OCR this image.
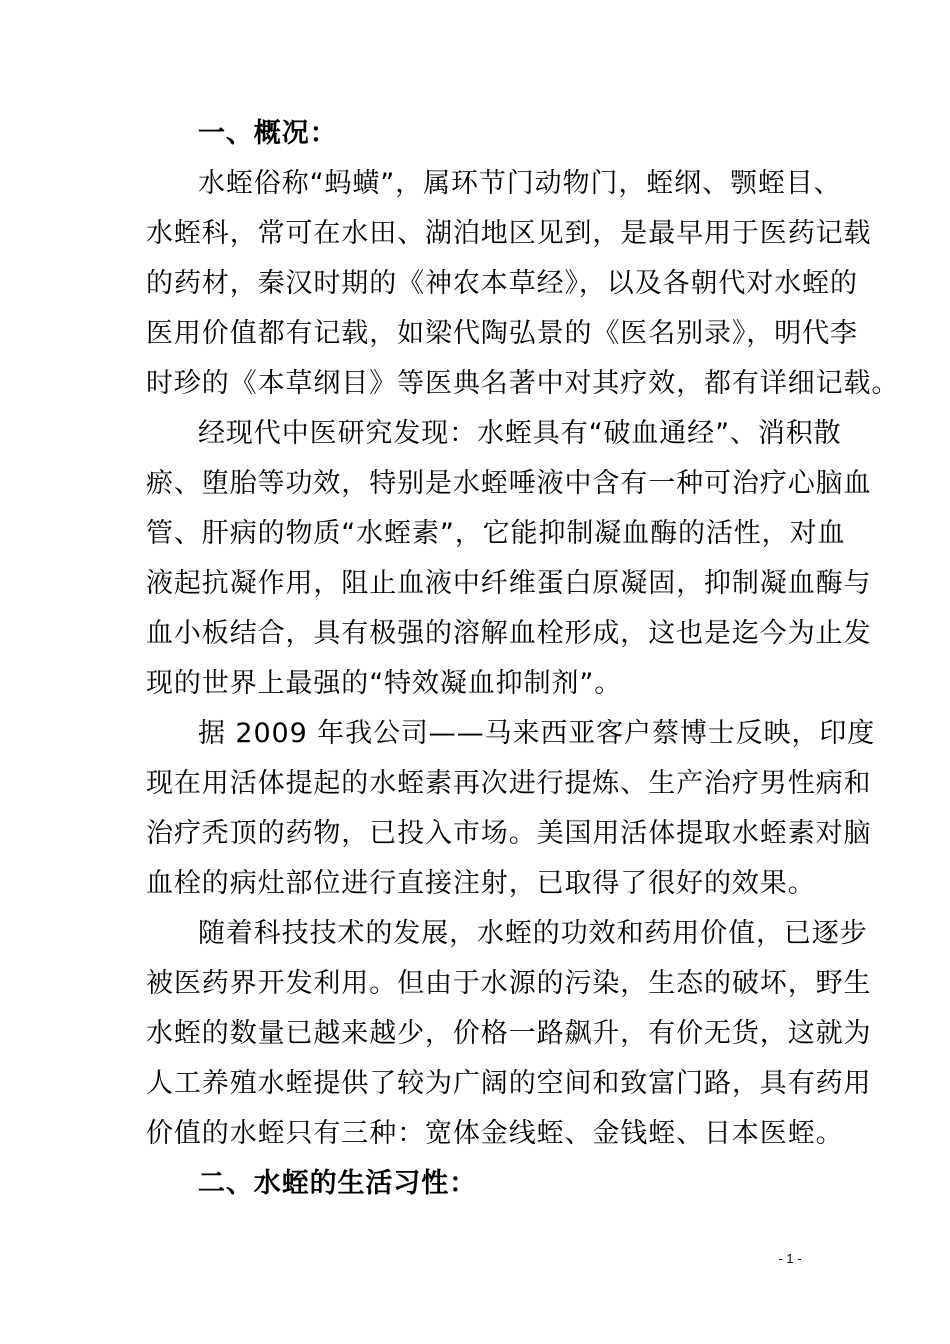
一、概况：
水蛭俗称“蚂蟥”，属环节门动物门，蛭纲、颚蛭目、
水蛭科，常可在水田、湖泊地区见到，是最早用于医药记载
的药材，秦汉时期的《神农本草经》，以及各朝代对水蛭的
医用价值都有记载，如梁代陶弘景的《医名别录》，明代李
时珍的《本草纲目》等医典名著中对其疗效，都有详细记载。
经现代中医研究发现：水蛭具有“破血通经”、消积散
瘀、堕胎等功效，特别是水蛭唾液中含有一种可治疗心脑血
管、肝病的物质“水蛭素”，它能抑制凝血酶的活性，对血
液起抗凝作用，阻止血液中纤维蛋白原凝固，抑制凝血酶与
血小板结合，具有极强的溶解血栓形成，这也是迄今为止发
现的世界上最强的“特效凝血抑制剂”。
据 2009 年我公司——马来西亚客户蔡博士反映，印度
现在用活体提起的水蛭素再次进行提炼、生产治疗男性病和
治疗秃顶的药物，已投入市场。美国用活体提取水蛭素对脑
血栓的病灶部位进行直接注射，已取得了很好的效果。
随着科技技术的发展，水蛭的功效和药用价值，已逐步
被医药界开发利用。但由于水源的污染，生态的破坏，野生
水蛭的数量已越来越少，价格一路飙升，有价无货，这就为
人工养殖水蛭提供了较为广阔的空间和致富门路，具有药用
价值的水蛭只有三种：宽体金线蛭、金钱蛭、日本医蛭。
二、水蛭的生活习性：
- 1 -
